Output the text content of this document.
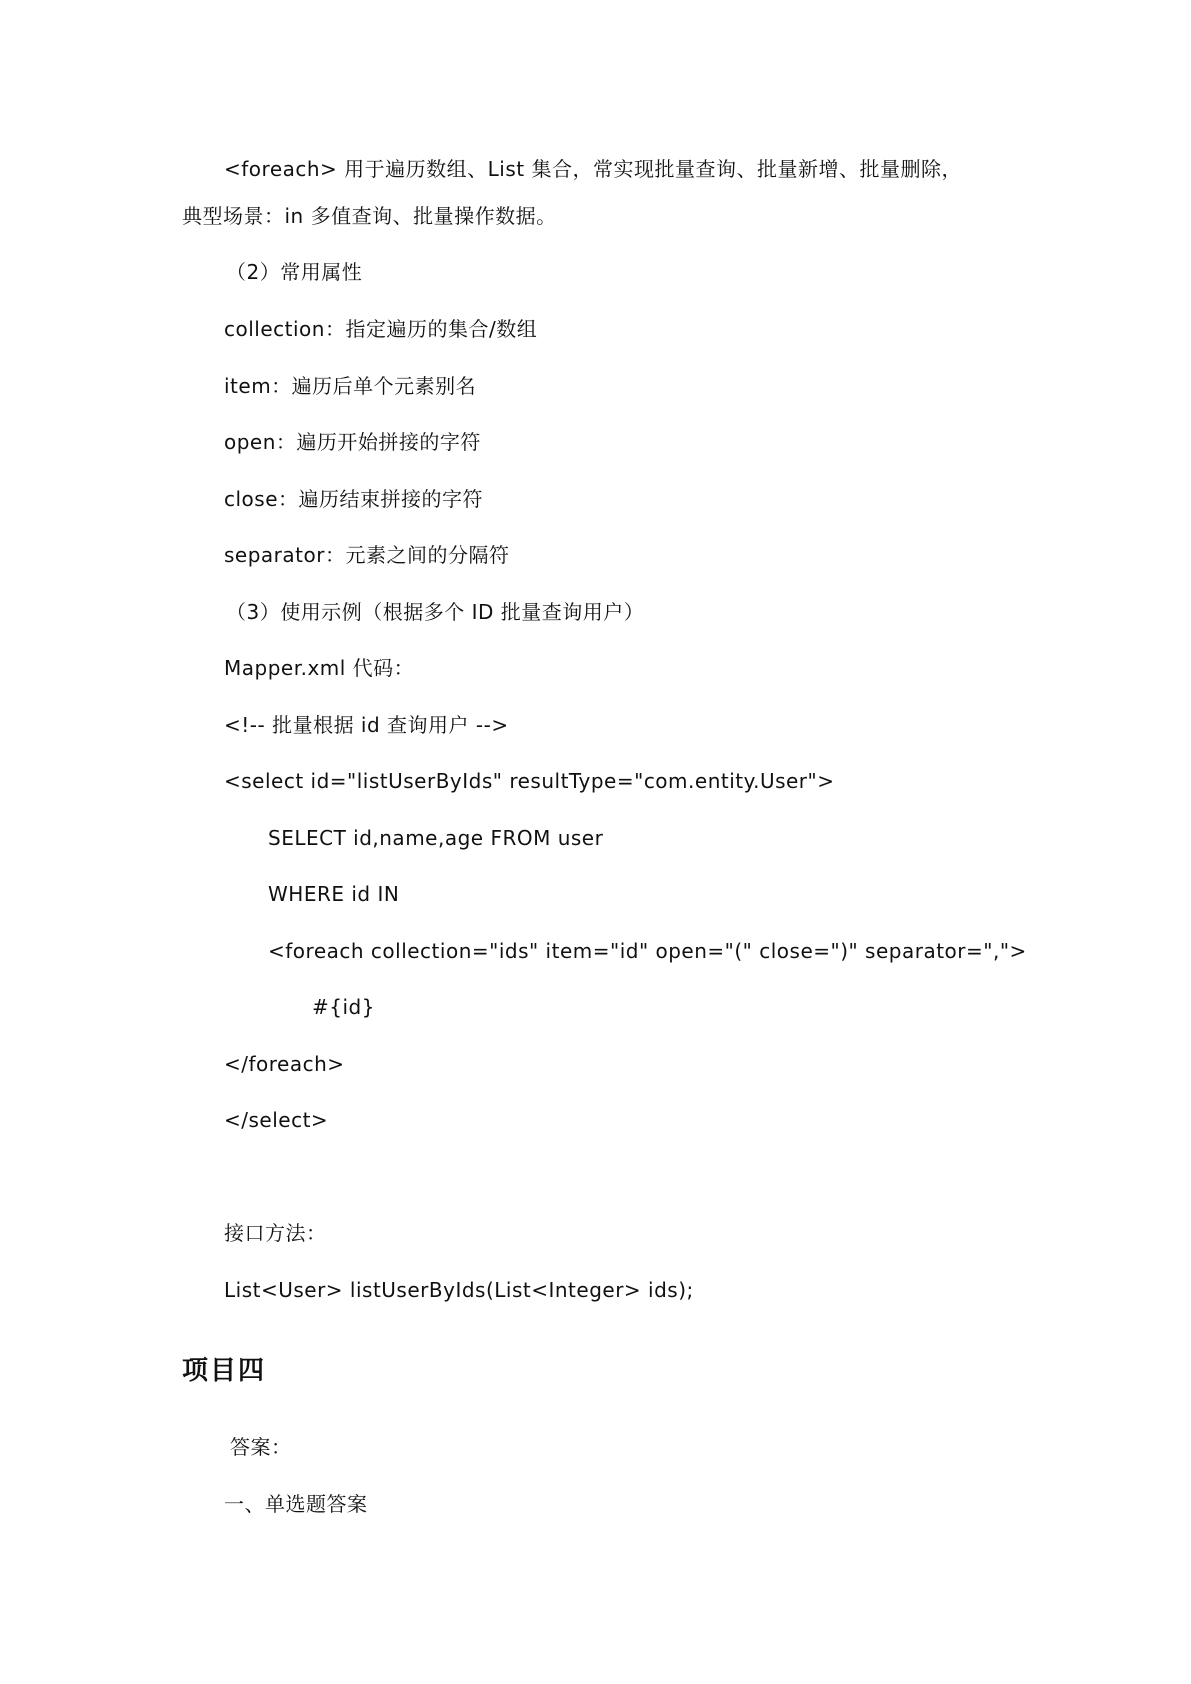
<foreach> 用于遍历数组、List 集合，常实现批量查询、批量新增、批量删除，
典型场景：in 多值查询、批量操作数据。
（2）常用属性
collection：指定遍历的集合/数组
item：遍历后单个元素别名
open：遍历开始拼接的字符
close：遍历结束拼接的字符
separator：元素之间的分隔符
（3）使用示例（根据多个 ID 批量查询用户）
Mapper.xml 代码：
<!-- 批量根据 id 查询用户 -->
<select id="listUserByIds" resultType="com.entity.User">
SELECT id,name,age FROM user
WHERE id IN
<foreach collection="ids" item="id" open="(" close=")" separator=",">
#{id}
</foreach>
</select>
接口方法：
List<User> listUserByIds(List<Integer> ids);
项目四
答案：
一、单选题答案
